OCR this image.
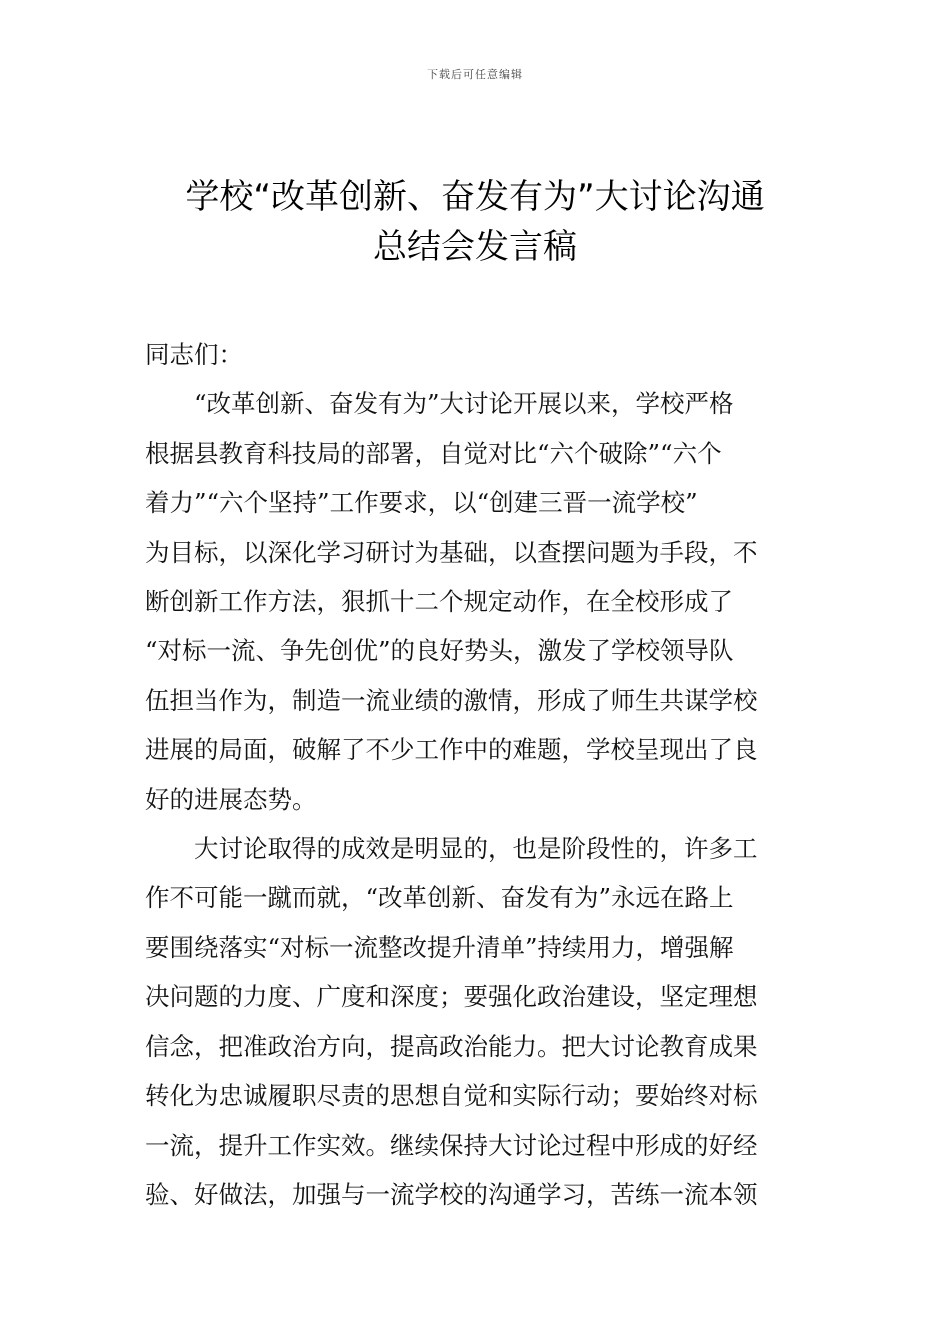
下载后可任意编辑
学校“改革创新、奋发有为”大讨论沟通
总结会发言稿

同志们：

“改革创新、奋发有为”大讨论开展以来，学校严格
根据县教育科技局的部署，自觉对比“六个破除”“六个
着力”“六个坚持”工作要求，以“创建三晋一流学校”
为目标，以深化学习研讨为基础，以查摆问题为手段，不
断创新工作方法，狠抓十二个规定动作，在全校形成了
“对标一流、争先创优”的良好势头，激发了学校领导队
伍担当作为，制造一流业绩的激情，形成了师生共谋学校
进展的局面，破解了不少工作中的难题，学校呈现出了良
好的进展态势。

大讨论取得的成效是明显的，也是阶段性的，许多工
作不可能一蹴而就，“改革创新、奋发有为”永远在路上
要围绕落实“对标一流整改提升清单”持续用力，增强解
决问题的力度、广度和深度；要强化政治建设，坚定理想
信念，把准政治方向，提高政治能力。把大讨论教育成果
转化为忠诚履职尽责的思想自觉和实际行动；要始终对标
一流，提升工作实效。继续保持大讨论过程中形成的好经
验、好做法，加强与一流学校的沟通学习，苦练一流本领
